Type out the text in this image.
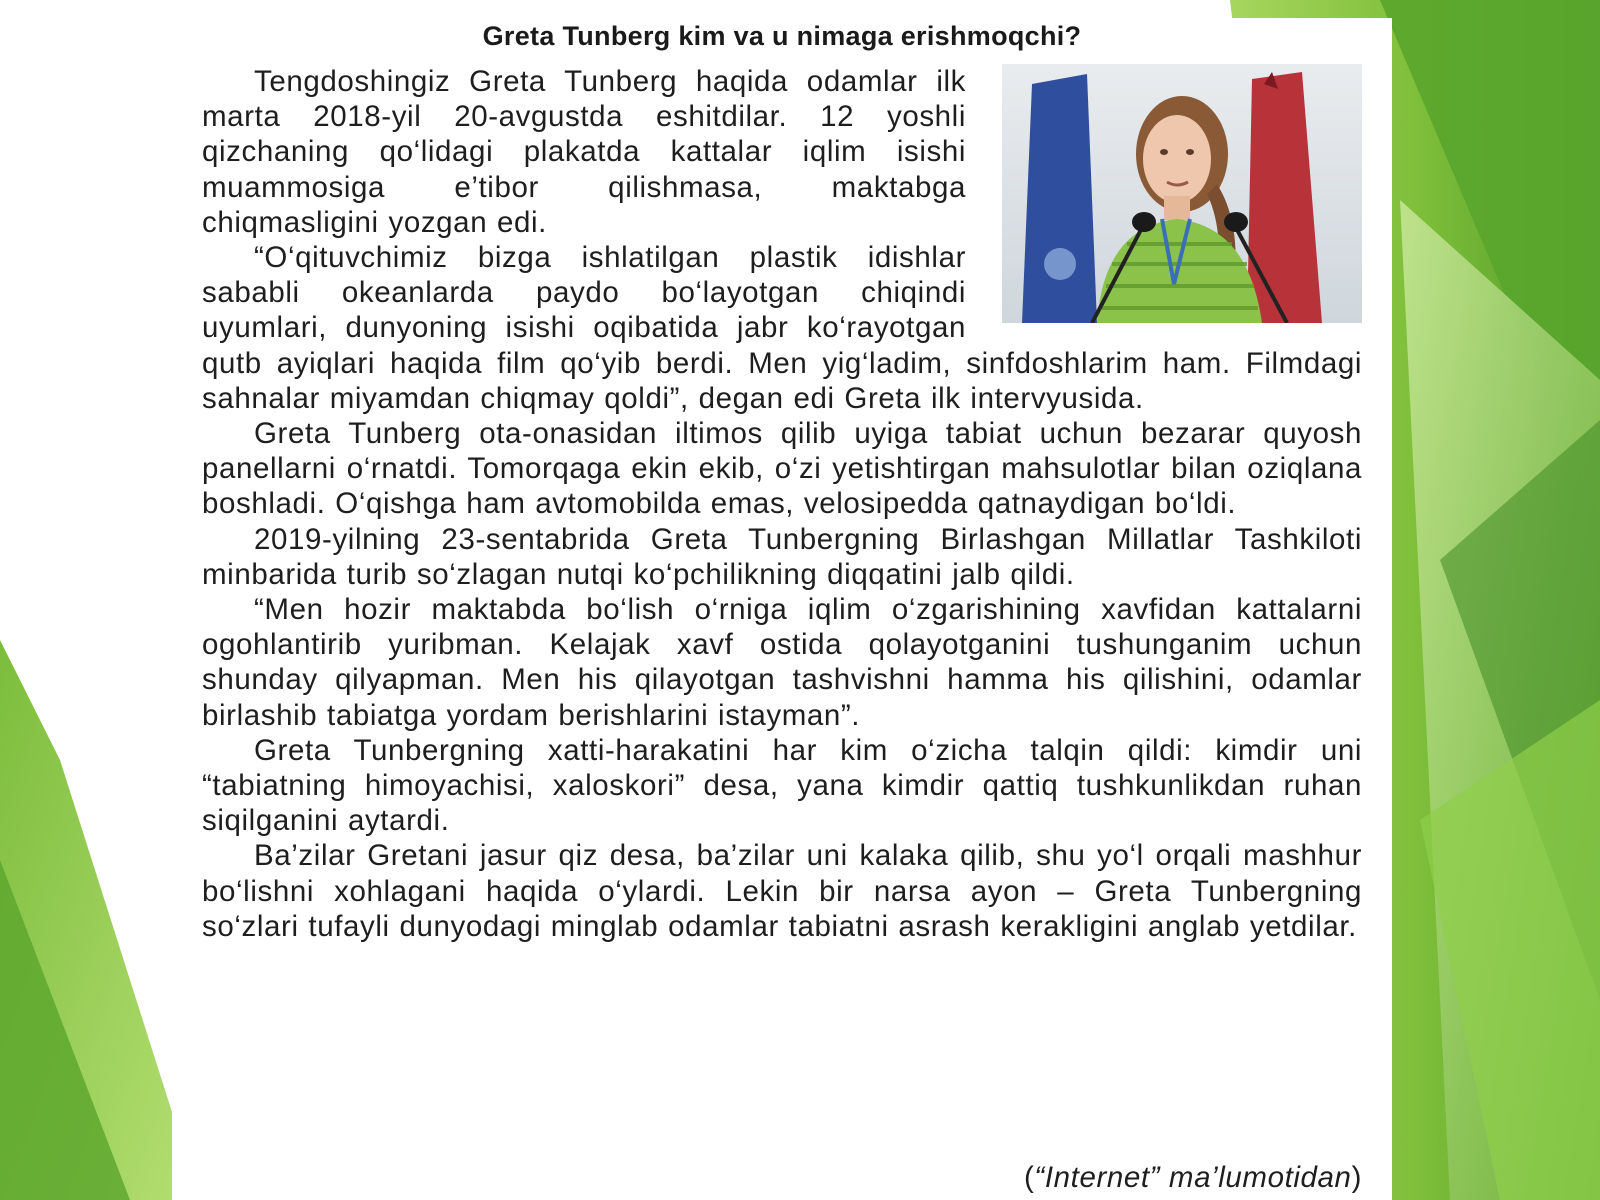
Greta Tunberg kim va u nimaga erishmoqchi?

Tengdoshingiz Greta Tunberg haqida odamlar ilk marta 2018-yil 20-avgustda eshitdilar. 12 yoshli qizchaning qo‘lidagi plakatda kattalar iqlim isishi muammosiga e’tibor qilishmasa, maktabga chiqmasligini yozgan edi.

“O‘qituvchimiz bizga ishlatilgan plastik idishlar sababli okeanlarda paydo bo‘layotgan chiqindi uyumlari, dunyoning isishi oqibatida jabr ko‘rayotgan qutb ayiqlari haqida film qo‘yib berdi. Men yig‘ladim, sinfdoshlarim ham. Filmdagi sahnalar miyamdan chiqmay qoldi”, degan edi Greta ilk intervyusida.

Greta Tunberg ota-onasidan iltimos qilib uyiga tabiat uchun bezarar quyosh panellarni o‘rnatdi. Tomorqaga ekin ekib, o‘zi yetishtirgan mahsulotlar bilan oziqlana boshladi. O‘qishga ham avtomobilda emas, velosipedda qatnaydigan bo‘ldi.

2019-yilning 23-sentabrida Greta Tunbergning Birlashgan Millatlar Tashkiloti minbarida turib so‘zlagan nutqi ko‘pchilikning diqqatini jalb qildi.

“Men hozir maktabda bo‘lish o‘rniga iqlim o‘zgarishining xavfidan kattalarni ogohlantirib yuribman. Kelajak xavf ostida qolayotganini tushunganim uchun shunday qilyapman. Men his qilayotgan tashvishni hamma his qilishini, odamlar birlashib tabiatga yordam berishlarini istayman”.

Greta Tunbergning xatti-harakatini har kim o‘zicha talqin qildi: kimdir uni “tabiatning himoyachisi, xaloskori” desa, yana kimdir qattiq tushkunlikdan ruhan siqilganini aytardi.

Ba’zilar Gretani jasur qiz desa, ba’zilar uni kalaka qilib, shu yo‘l orqali mashhur bo‘lishni xohlagani haqida o‘ylardi. Lekin bir narsa ayon – Greta Tunbergning so‘zlari tufayli dunyodagi minglab odamlar tabiatni asrash kerakligini anglab yetdilar.

(“Internet” ma’lumotidan)
